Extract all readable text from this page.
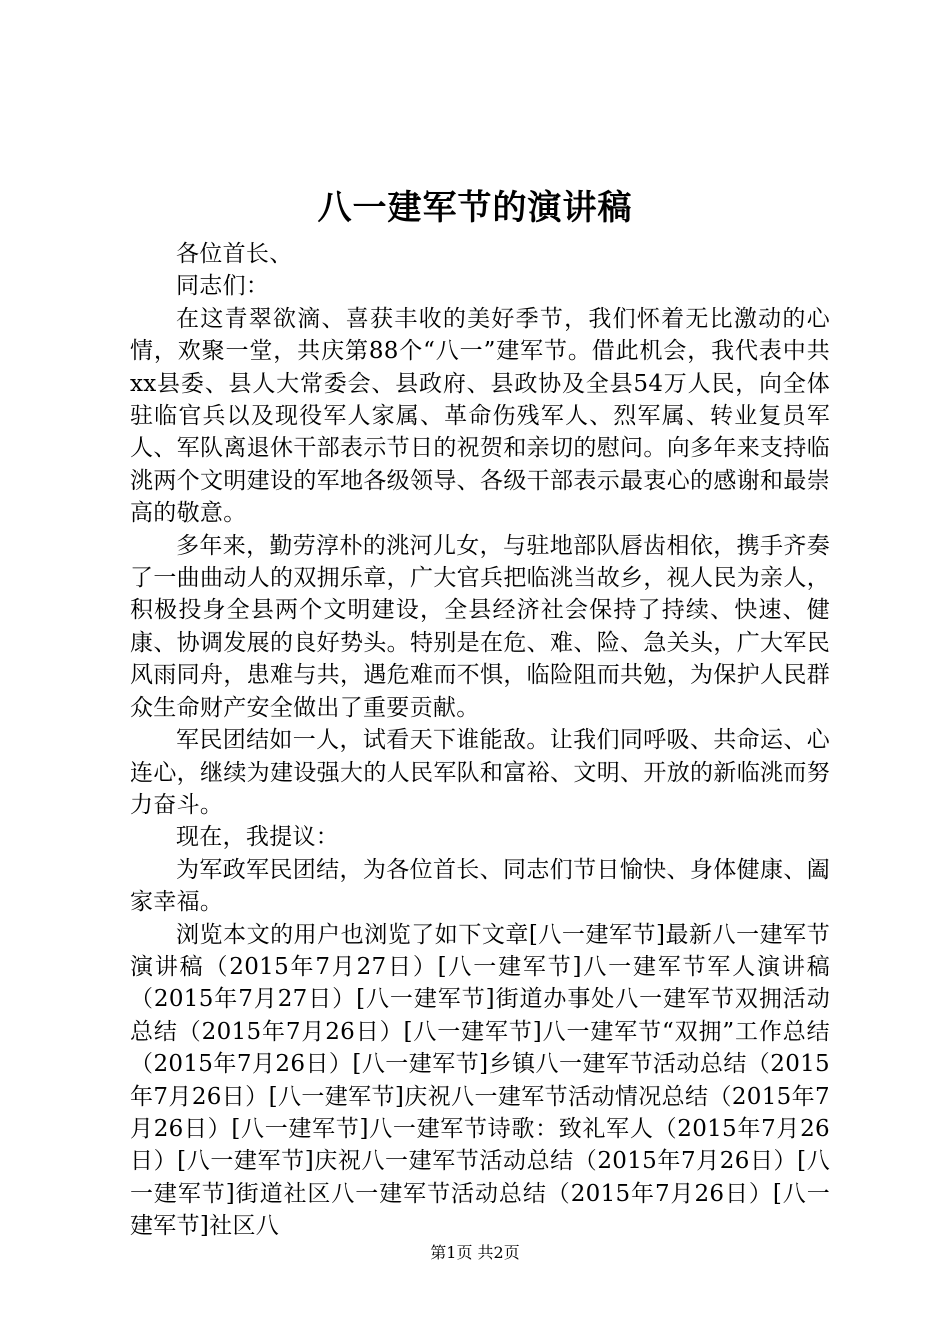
八一建军节的演讲稿

各位首长、

同志们：

在这青翠欲滴、喜获丰收的美好季节，我们怀着无比激动的心情，欢聚一堂，共庆第88个“八一”建军节。借此机会，我代表中共xx县委、县人大常委会、县政府、县政协及全县54万人民，向全体驻临官兵以及现役军人家属、革命伤残军人、烈军属、转业复员军人、军队离退休干部表示节日的祝贺和亲切的慰问。向多年来支持临洮两个文明建设的军地各级领导、各级干部表示最衷心的感谢和最崇高的敬意。

多年来，勤劳淳朴的洮河儿女，与驻地部队唇齿相依，携手齐奏了一曲曲动人的双拥乐章，广大官兵把临洮当故乡，视人民为亲人，积极投身全县两个文明建设，全县经济社会保持了持续、快速、健康、协调发展的良好势头。特别是在危、难、险、急关头，广大军民风雨同舟，患难与共，遇危难而不惧，临险阻而共勉，为保护人民群众生命财产安全做出了重要贡献。

军民团结如一人，试看天下谁能敌。让我们同呼吸、共命运、心连心，继续为建设强大的人民军队和富裕、文明、开放的新临洮而努力奋斗。

现在，我提议：

为军政军民团结，为各位首长、同志们节日愉快、身体健康、阖家幸福。

浏览本文的用户也浏览了如下文章[八一建军节]最新八一建军节演讲稿（2015年7月27日）[八一建军节]八一建军节军人演讲稿（2015年7月27日）[八一建军节]街道办事处八一建军节双拥活动总结（2015年7月26日）[八一建军节]八一建军节“双拥”工作总结（2015年7月26日）[八一建军节]乡镇八一建军节活动总结（2015年7月26日）[八一建军节]庆祝八一建军节活动情况总结（2015年7月26日）[八一建军节]八一建军节诗歌：致礼军人（2015年7月26日）[八一建军节]庆祝八一建军节活动总结（2015年7月26日）[八一建军节]街道社区八一建军节活动总结（2015年7月26日）[八一建军节]社区八

第1页 共2页
